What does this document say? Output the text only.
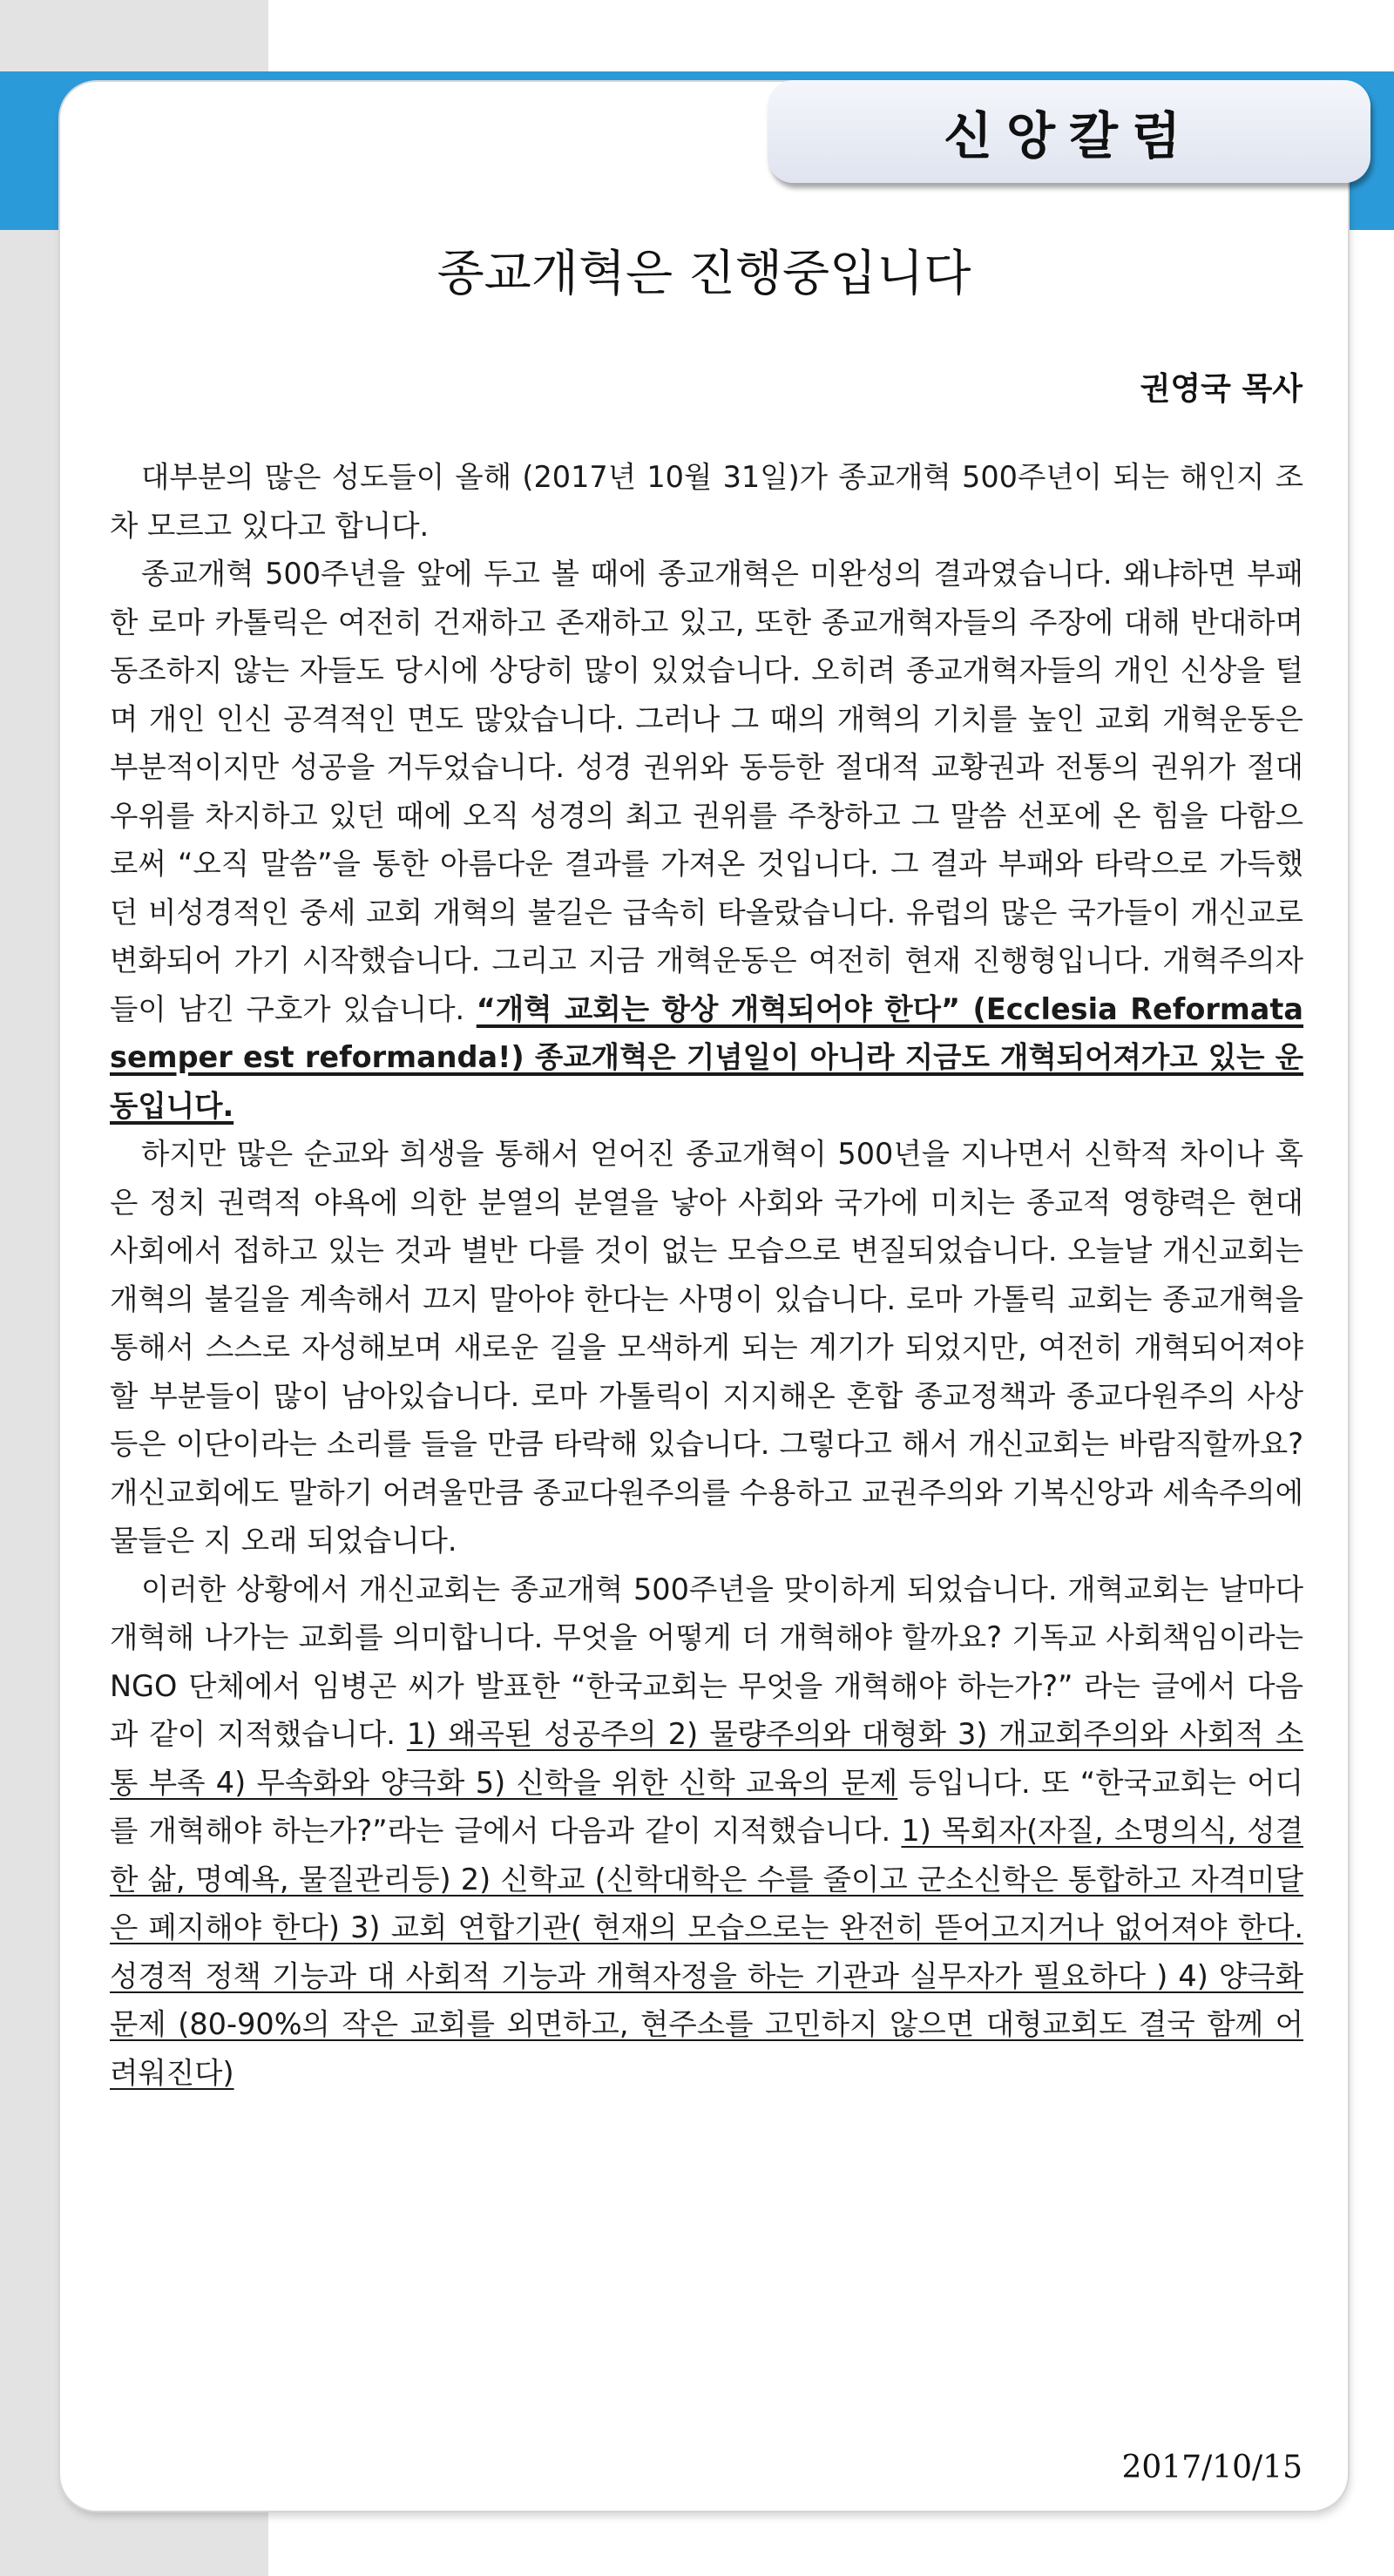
신앙칼럼
종교개혁은 진행중입니다
권영국 목사

대부분의 많은 성도들이 올해 (2017년 10월 31일)가 종교개혁 500주년이 되는 해인지 조차 모르고 있다고 합니다.

종교개혁 500주년을 앞에 두고 볼 때에 종교개혁은 미완성의 결과였습니다. 왜냐하면 부패한 로마 카톨릭은 여전히 건재하고 존재하고 있고, 또한 종교개혁자들의 주장에 대해 반대하며 동조하지 않는 자들도 당시에 상당히 많이 있었습니다. 오히려 종교개혁자들의 개인 신상을 털며 개인 인신 공격적인 면도 많았습니다. 그러나 그 때의 개혁의 기치를 높인 교회 개혁운동은 부분적이지만 성공을 거두었습니다. 성경 권위와 동등한 절대적 교황권과 전통의 권위가 절대 우위를 차지하고 있던 때에 오직 성경의 최고 권위를 주창하고 그 말씀 선포에 온 힘을 다함으로써 “오직 말씀”을 통한 아름다운 결과를 가져온 것입니다. 그 결과 부패와 타락으로 가득했던 비성경적인 중세 교회 개혁의 불길은 급속히 타올랐습니다. 유럽의 많은 국가들이 개신교로 변화되어 가기 시작했습니다. 그리고 지금 개혁운동은 여전히 현재 진행형입니다. 개혁주의자들이 남긴 구호가 있습니다. “개혁 교회는 항상 개혁되어야 한다” (Ecclesia Reformata semper est reformanda!) 종교개혁은 기념일이 아니라 지금도 개혁되어져가고 있는 운동입니다.

하지만 많은 순교와 희생을 통해서 얻어진 종교개혁이 500년을 지나면서 신학적 차이나 혹은 정치 권력적 야욕에 의한 분열의 분열을 낳아 사회와 국가에 미치는 종교적 영향력은 현대 사회에서 접하고 있는 것과 별반 다를 것이 없는 모습으로 변질되었습니다. 오늘날 개신교회는 개혁의 불길을 계속해서 끄지 말아야 한다는 사명이 있습니다. 로마 가톨릭 교회는 종교개혁을 통해서 스스로 자성해보며 새로운 길을 모색하게 되는 계기가 되었지만, 여전히 개혁되어져야할 부분들이 많이 남아있습니다. 로마 가톨릭이 지지해온 혼합 종교정책과 종교다원주의 사상 등은 이단이라는 소리를 들을 만큼 타락해 있습니다. 그렇다고 해서 개신교회는 바람직할까요? 개신교회에도 말하기 어려울만큼 종교다원주의를 수용하고 교권주의와 기복신앙과 세속주의에 물들은 지 오래 되었습니다.

이러한 상황에서 개신교회는 종교개혁 500주년을 맞이하게 되었습니다. 개혁교회는 날마다 개혁해 나가는 교회를 의미합니다. 무엇을 어떻게 더 개혁해야 할까요? 기독교 사회책임이라는 NGO 단체에서 임병곤 씨가 발표한 “한국교회는 무엇을 개혁해야 하는가?” 라는 글에서 다음과 같이 지적했습니다. 1) 왜곡된 성공주의 2) 물량주의와 대형화 3) 개교회주의와 사회적 소통 부족 4) 무속화와 양극화 5) 신학을 위한 신학 교육의 문제 등입니다. 또 “한국교회는 어디를 개혁해야 하는가?”라는 글에서 다음과 같이 지적했습니다. 1) 목회자(자질, 소명의식, 성결한 삶, 명예욕, 물질관리등) 2) 신학교 (신학대학은 수를 줄이고 군소신학은 통합하고 자격미달은 폐지해야 한다) 3) 교회 연합기관( 현재의 모습으로는 완전히 뜯어고지거나 없어져야 한다. 성경적 정책 기능과 대 사회적 기능과 개혁자정을 하는 기관과 실무자가 필요하다 ) 4) 양극화문제 (80-90%의 작은 교회를 외면하고, 현주소를 고민하지 않으면 대형교회도 결국 함께 어려워진다)

2017/10/15
